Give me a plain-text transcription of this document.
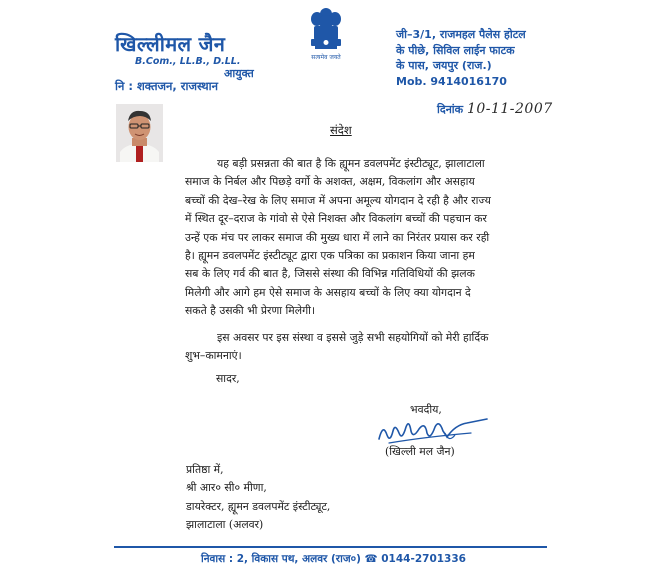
खिल्लीमल जैन
B.Com., LL.B., D.LL.
आयुक्त
नि : शक्तजन, राजस्थान
सत्यमेव जयते
जी–3/1, राजमहल पैलेस होटल
के पीछे, सिविल लाईन फाटक
के पास, जयपुर (राज.)
Mob. 9414016170
दिनांक 10-11-2007
संदेश
यह बड़ी प्रसन्नता की बात है कि ह्यूमन डवलपमेंट इंस्टीट्यूट, झालाटाला
समाज के निर्बल और पिछड़े वर्गो के अशक्त, अक्षम, विकलांग और असहाय
बच्चों की देख–रेख के लिए समाज में अपना अमूल्य योगदान दे रही है और राज्य
में स्थित दूर–दराज के गांवो से ऐसे निशक्त और विकलांग बच्चों की पहचान कर
उन्हें एक मंच पर लाकर समाज की मुख्य धारा में लाने का निरंतर प्रयास कर रही
है। ह्यूमन डवलपमेंट इंस्टीट्यूट द्वारा एक पत्रिका का प्रकाशन किया जाना हम
सब के लिए गर्व की बात है, जिससे संस्था की विभिन्न गतिविधियों की झलक
मिलेगी और आगे हम ऐसे समाज के असहाय बच्चों के लिए क्या योगदान दे
सकते है उसकी भी प्रेरणा मिलेगी।
इस अवसर पर इस संस्था व इससे जुड़े सभी सहयोगियों को मेरी हार्दिक
शुभ–कामनाएं।
सादर,
भवदीय,
(खिल्ली मल जैन)
प्रतिष्ठा में,
श्री आर० सी० मीणा,
डायरेक्टर, ह्यूमन डवलपमेंट इंस्टीट्यूट,
झालाटाला (अलवर)
निवास : 2, विकास पथ, अलवर (राज०) ☎ 0144-2701336
